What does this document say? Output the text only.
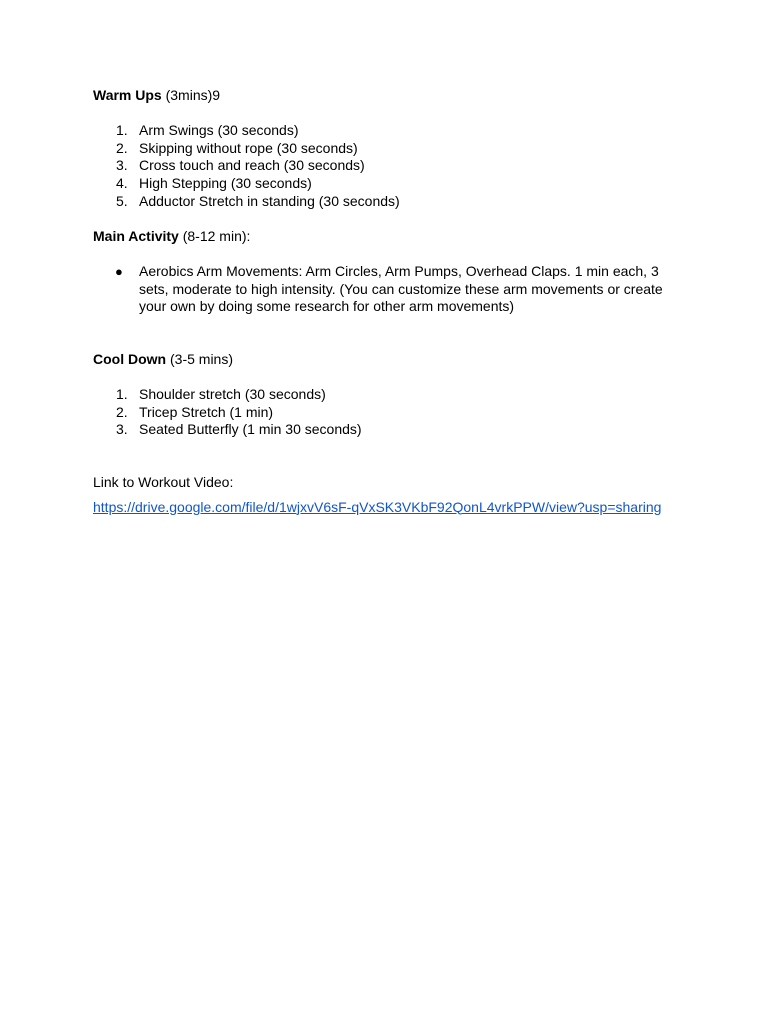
Warm Ups (3mins)9

1. Arm Swings (30 seconds)
2. Skipping without rope (30 seconds)
3. Cross touch and reach (30 seconds)
4. High Stepping (30 seconds)
5. Adductor Stretch in standing (30 seconds)

Main Activity (8-12 min):

● Aerobics Arm Movements: Arm Circles, Arm Pumps, Overhead Claps. 1 min each, 3 sets, moderate to high intensity. (You can customize these arm movements or create your own by doing some research for other arm movements)

Cool Down (3-5 mins)

1. Shoulder stretch (30 seconds)
2. Tricep Stretch (1 min)
3. Seated Butterfly (1 min 30 seconds)

Link to Workout Video:

https://drive.google.com/file/d/1wjxvV6sF-qVxSK3VKbF92QonL4vrkPPW/view?usp=sharing
